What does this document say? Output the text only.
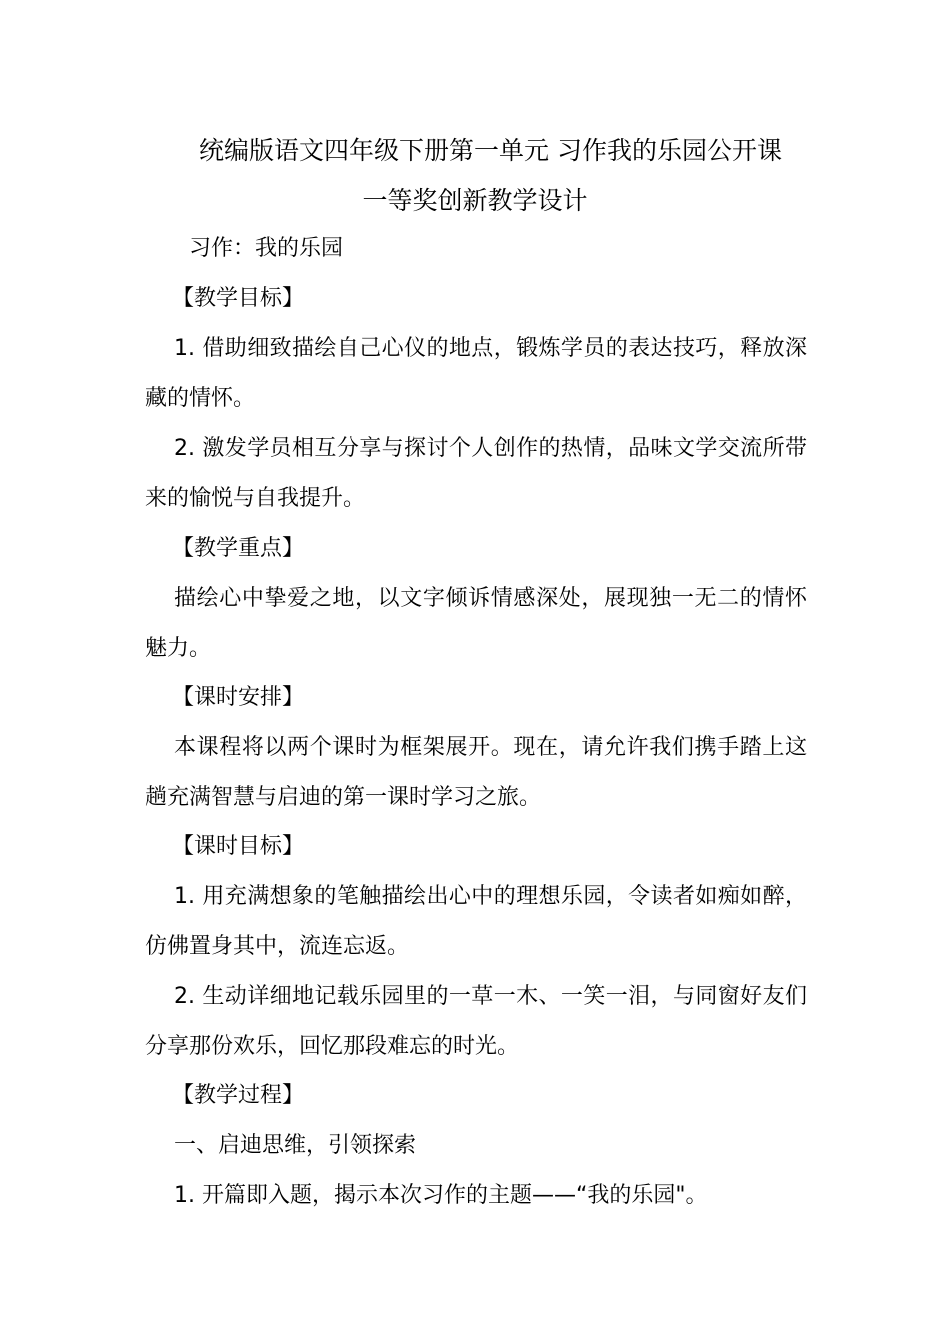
统编版语文四年级下册第一单元 习作我的乐园公开课
一等奖创新教学设计
习作：我的乐园
【教学目标】
1. 借助细致描绘自己心仪的地点，锻炼学员的表达技巧，释放深藏的情怀。
2. 激发学员相互分享与探讨个人创作的热情，品味文学交流所带来的愉悦与自我提升。
【教学重点】
描绘心中挚爱之地，以文字倾诉情感深处，展现独一无二的情怀魅力。
【课时安排】
本课程将以两个课时为框架展开。现在，请允许我们携手踏上这趟充满智慧与启迪的第一课时学习之旅。
【课时目标】
1. 用充满想象的笔触描绘出心中的理想乐园，令读者如痴如醉，仿佛置身其中，流连忘返。
2. 生动详细地记载乐园里的一草一木、一笑一泪，与同窗好友们分享那份欢乐，回忆那段难忘的时光。
【教学过程】
一、启迪思维，引领探索
1. 开篇即入题，揭示本次习作的主题——“我的乐园"。
